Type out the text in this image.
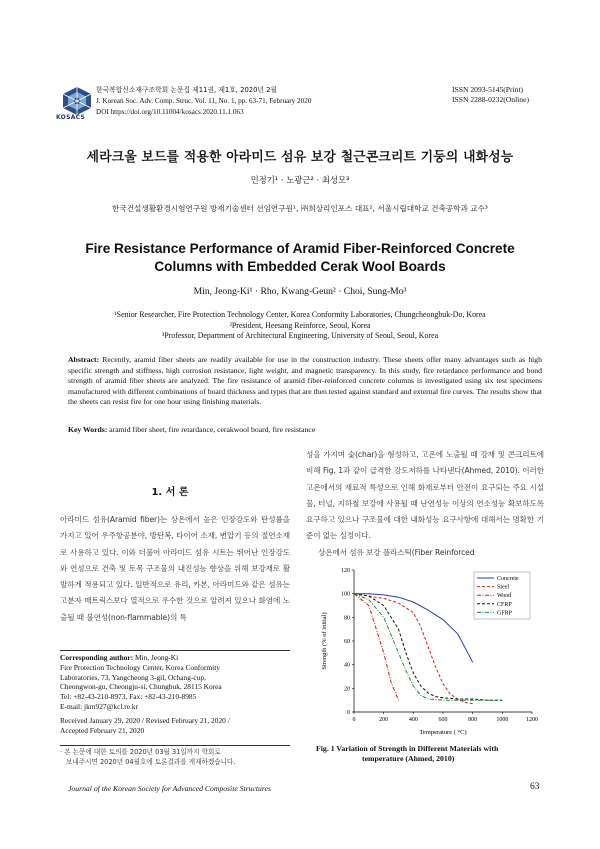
KOSACS
한국복합신소재구조학회 논문집 제11권, 제1호, 2020년 2월
J. Korean Soc. Adv. Comp. Struc. Vol. 11, No. 1, pp. 63-71, February 2020
DOI https://doi.org/10.11004/kosacs.2020.11.1.063
ISSN 2093-5145(Print)
ISSN 2288-0232(Online)
세라크울 보드를 적용한 아라미드 섬유 보강 철근콘크리트 기둥의 내화성능
민정기¹ · 노광근² · 최성모³
한국건설생활환경시험연구원 방재기술센터 선임연구원¹, ㈜희상리인포스 대표², 서울시립대학교 건축공학과 교수³
Fire Resistance Performance of Aramid Fiber-Reinforced Concrete
Columns with Embedded Cerak Wool Boards
Min, Jeong-Ki¹ · Rho, Kwang-Geun² · Choi, Sung-Mo³
¹Senior Researcher, Fire Protection Technology Center, Korea Conformity Laboratories, Chungcheongbuk-Do, Korea
²President, Heesang Reinforce, Seoul, Korea
³Professor, Department of Architectural Engineering, University of Seoul, Seoul, Korea
Abstract: Recently, aramid fiber sheets are readily available for use in the construction industry. These sheets offer many advantages such as high specific strength and stiffness, high corrosion resistance, light weight, and magnetic transparency. In this study, fire retardance performance and bond strength of aramid fiber sheets are analyzed. The fire resistance of aramid fiber-reinforced concrete columns is investigated using six test specimens manufactured with different combinations of board thickness and types that are then tested against standard and external fire curves. The results show that the sheets can resist fire for one hour using finishing materials.
Key Words: aramid fiber sheet, fire retardance, cerakwool board, fire resistance
1. 서 론

아라미드 섬유(Aramid fiber)는 상온에서 높은 인장강도와 탄성률을 가지고 있어 우주항공분야, 방탄복, 타이어 소재, 변압기 등의 절연소재로 사용하고 있다. 이와 더불어 아라미드 섬유 시트는 뛰어난 인장강도와 연성으로 건축 및 토목 구조물의 내진성능 향상을 위해 보강재로 활발하게 적용되고 있다. 일반적으로 유리, 카본, 아라미드와 같은 섬유는 고분자 매트릭스보다 열적으로 우수한 것으로 알려져 있으나 화염에 노출될 때 불연성(non-flammable)의 특

성을 가지며 숯(char)을 형성하고, 고온에 노출될 때 강재 및 콘크리트에 비해 Fig. 1과 같이 급격한 강도저하를 나타낸다(Ahmed, 2010). 이러한 고온에서의 재료적 특성으로 인해 화재로부터 안전이 요구되는 주요 시설물, 터널, 지하철 보강에 사용될 때 난연성능 이상의 연소성능 확보하도록 요구하고 있으나 구조물에 대한 내화성능 요구사항에 대해서는 명확한 기준이 없는 실정이다.

상온에서 섬유 보강 플라스틱(Fiber Reinforced

Corresponding author: Min, Jeong-Ki
Fire Protection Technology Center, Korea Conformity
Laboratories, 73, Yangcheong 3-gil, Ochang-cup,
Cheongwon-gu, Cheongju-si, Chungbuk, 28115 Korea
Tel: +82-43-210-8973, Fax: +82-43-210-8985
E-mail: jkm927@kcl.re.kr
Received January 29, 2020 / Revised February 21, 2020 /
Accepted February 21, 2020
· 본 논문에 대한 토의를 2020년 03월 31일까지 학회로
보내주시면 2020년 04월호에 토론결과를 게재하겠습니다.
0	200	400	600	800	1000	1200
0
20
40
60
80
100
120
Temperature ( °C)
Strength (% of initial)
Concrete
Steel
Wood
CFRP
GFRP
Fig. 1 Variation of Strength in Different Materials with
temperature (Ahmed, 2010)
Journal of the Korean Society for Advanced Composite Structures	63
